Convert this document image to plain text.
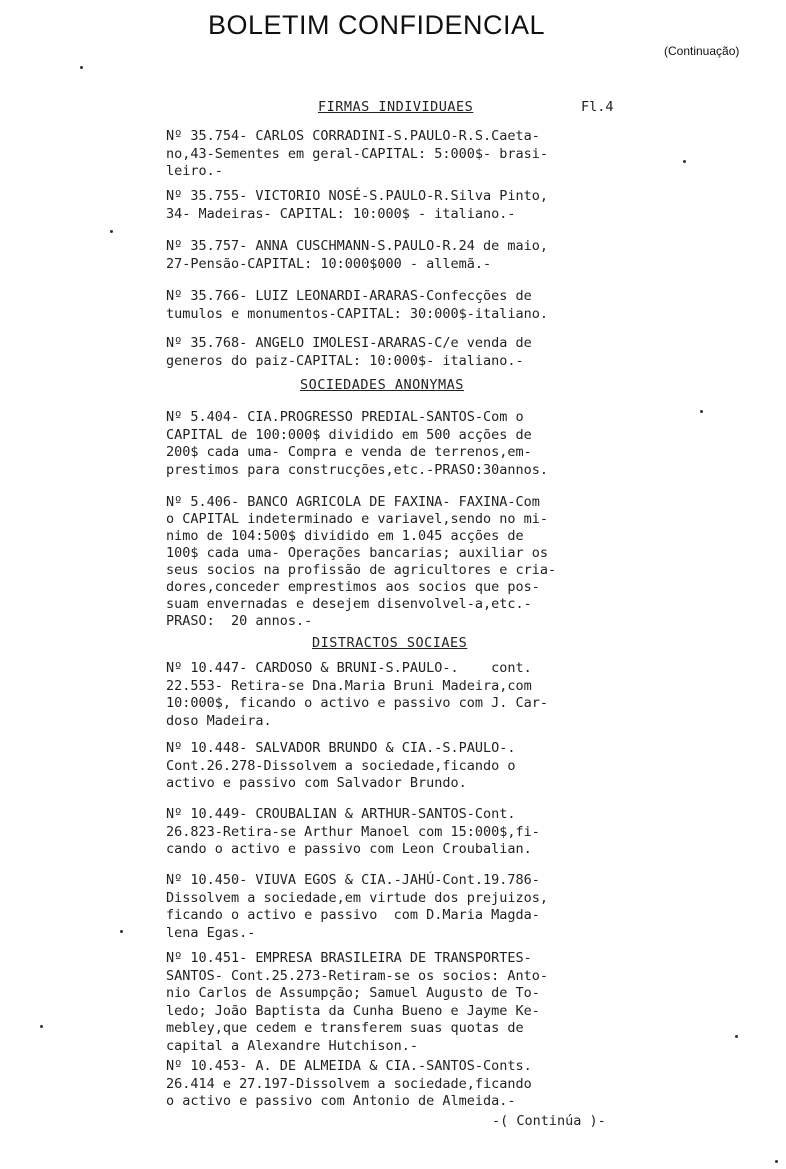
BOLETIM CONFIDENCIAL
(Continuação)
FIRMAS INDIVIDUAES	Fl.4
Nº 35.754- CARLOS CORRADINI-S.PAULO-R.S.Caeta-
no,43-Sementes em geral-CAPITAL: 5:000$- brasi-
leiro.-
Nº 35.755- VICTORIO NOSÉ-S.PAULO-R.Silva Pinto,
34- Madeiras- CAPITAL: 10:000$ - italiano.-
Nº 35.757- ANNA CUSCHMANN-S.PAULO-R.24 de maio,
27-Pensão-CAPITAL: 10:000$000 - allemã.-
Nº 35.766- LUIZ LEONARDI-ARARAS-Confecções de
tumulos e monumentos-CAPITAL: 30:000$-italiano.
Nº 35.768- ANGELO IMOLESI-ARARAS-C/e venda de
generos do paiz-CAPITAL: 10:000$- italiano.-
SOCIEDADES ANONYMAS
Nº 5.404- CIA.PROGRESSO PREDIAL-SANTOS-Com o
CAPITAL de 100:000$ dividido em 500 acções de
200$ cada uma- Compra e venda de terrenos,em-
prestimos para construcções,etc.-PRASO:30annos.
Nº 5.406- BANCO AGRICOLA DE FAXINA- FAXINA-Com
o CAPITAL indeterminado e variavel,sendo no mi-
nimo de 104:500$ dividido em 1.045 acções de
100$ cada uma- Operações bancarias; auxiliar os
seus socios na profissão de agricultores e cria-
dores,conceder emprestimos aos socios que pos-
suam envernadas e desejem disenvolvel-a,etc.-
PRASO:  20 annos.-
DISTRACTOS SOCIAES
Nº 10.447- CARDOSO & BRUNI-S.PAULO-.    cont.
22.553- Retira-se Dna.Maria Bruni Madeira,com
10:000$, ficando o activo e passivo com J. Car-
doso Madeira.
Nº 10.448- SALVADOR BRUNDO & CIA.-S.PAULO-.
Cont.26.278-Dissolvem a sociedade,ficando o
activo e passivo com Salvador Brundo.
Nº 10.449- CROUBALIAN & ARTHUR-SANTOS-Cont.
26.823-Retira-se Arthur Manoel com 15:000$,fi-
cando o activo e passivo com Leon Croubalian.
Nº 10.450- VIUVA EGOS & CIA.-JAHÚ-Cont.19.786-
Dissolvem a sociedade,em virtude dos prejuizos,
ficando o activo e passivo  com D.Maria Magda-
lena Egas.-
Nº 10.451- EMPRESA BRASILEIRA DE TRANSPORTES-
SANTOS- Cont.25.273-Retiram-se os socios: Anto-
nio Carlos de Assumpção; Samuel Augusto de To-
ledo; João Baptista da Cunha Bueno e Jayme Ke-
mebley,que cedem e transferem suas quotas de
capital a Alexandre Hutchison.-
Nº 10.453- A. DE ALMEIDA & CIA.-SANTOS-Conts.
26.414 e 27.197-Dissolvem a sociedade,ficando
o activo e passivo com Antonio de Almeida.-
-( Continúa )-
